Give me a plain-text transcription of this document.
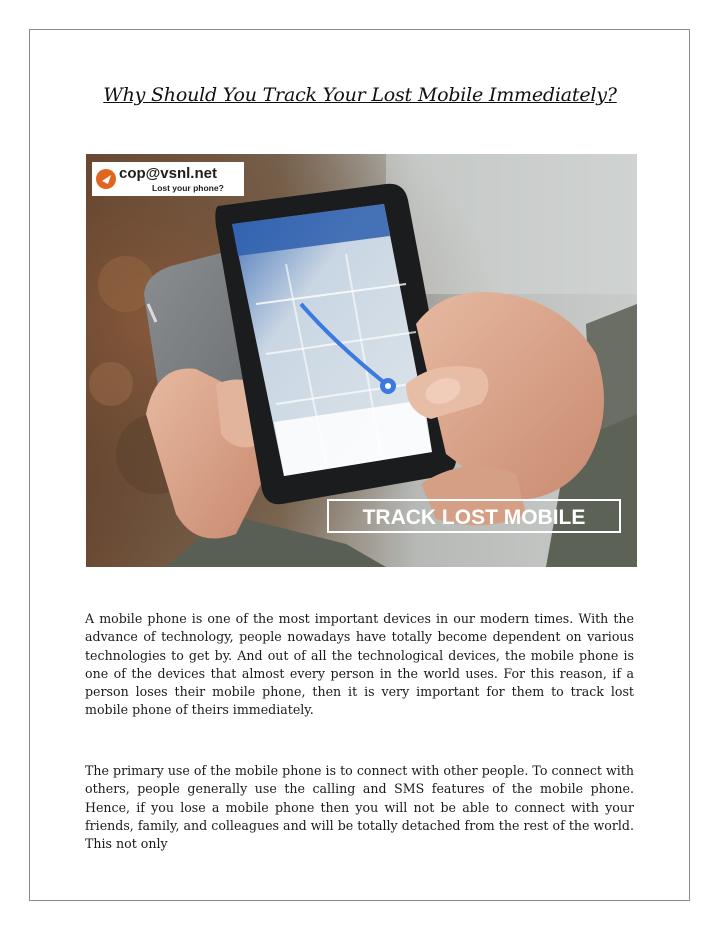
Why Should You Track Your Lost Mobile Immediately?
cop@vsnl.net
Lost your phone?
TRACK LOST MOBILE

A mobile phone is one of the most important devices in our modern times. With the advance of technology, people nowadays have totally become dependent on various technologies to get by. And out of all the technological devices, the mobile phone is one of the devices that almost every person in the world uses. For this reason, if a person loses their mobile phone, then it is very important for them to track lost mobile phone of theirs immediately.

The primary use of the mobile phone is to connect with other people. To connect with others, people generally use the calling and SMS features of the mobile phone. Hence, if you lose a mobile phone then you will not be able to connect with your friends, family, and colleagues and will be totally detached from the rest of the world. This not only
